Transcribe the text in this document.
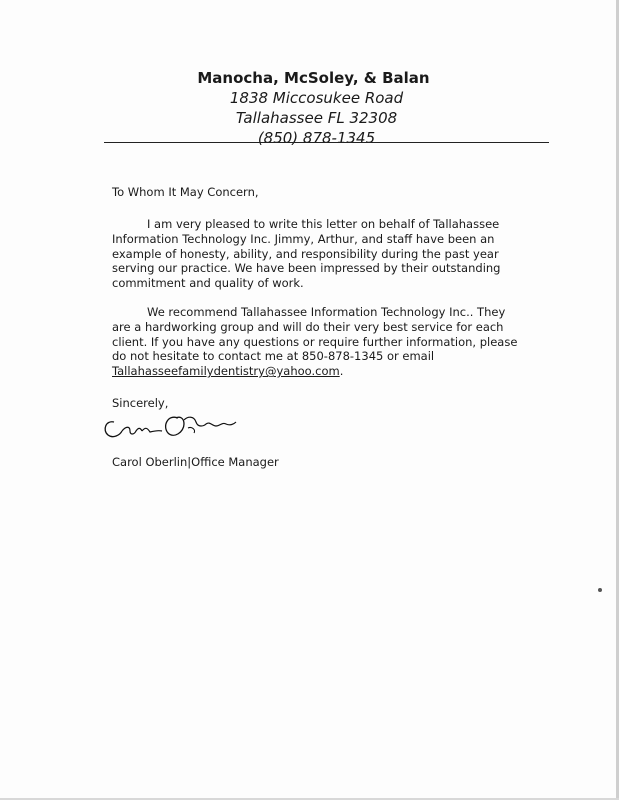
Manocha, McSoley, & Balan
1838 Miccosukee Road
Tallahassee FL 32308
(850) 878-1345
To Whom It May Concern,
I am very pleased to write this letter on behalf of Tallahassee
Information Technology Inc. Jimmy, Arthur, and staff have been an
example of honesty, ability, and responsibility during the past year
serving our practice. We have been impressed by their outstanding
commitment and quality of work.
We recommend Tallahassee Information Technology Inc.. They
are a hardworking group and will do their very best service for each
client. If you have any questions or require further information, please
do not hesitate to contact me at 850-878-1345 or email
Tallahasseefamilydentistry@yahoo.com.
Sincerely,
Carol Oberlin|Office Manager
